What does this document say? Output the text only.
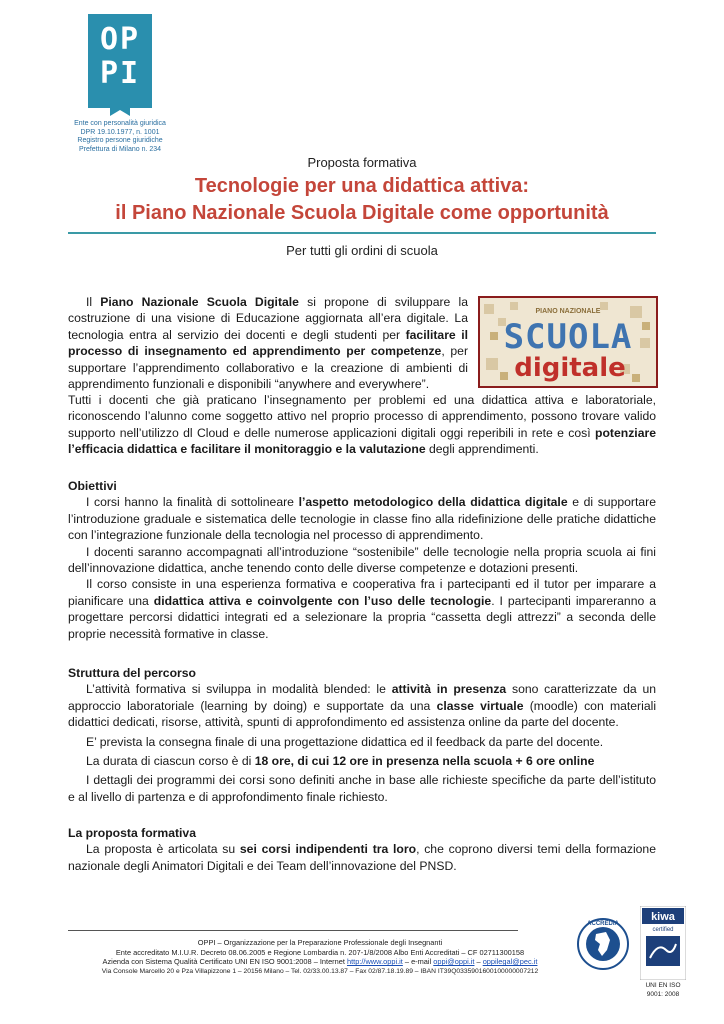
OP
PI
Ente con personalità giuridica
DPR 19.10.1977, n. 1001
Registro persone giuridiche
Prefettura di Milano n. 234
Proposta formativa
Tecnologie per una didattica attiva:
il Piano Nazionale Scuola Digitale come opportunità
Per tutti gli ordini di scuola
PIANO NAZIONALE
SCUOLA
digitale

Il Piano Nazionale Scuola Digitale si propone di sviluppare la costruzione di una visione di Educazione aggiornata all’era digitale. La tecnologia entra al servizio dei docenti e degli studenti per facilitare il processo di insegnamento ed apprendimento per competenze, per supportare l’apprendimento collaborativo e la creazione di ambienti di apprendimento funzionali e disponibili “anywhere and everywhere”.

Tutti i docenti che già praticano l’insegnamento per problemi ed una didattica attiva e laboratoriale, riconoscendo l’alunno come soggetto attivo nel proprio processo di apprendimento, possono trovare valido supporto nell’utilizzo dl Cloud e delle numerose applicazioni digitali oggi reperibili in rete e così potenziare l’efficacia didattica e facilitare il monitoraggio e la valutazione degli apprendimenti.

Obiettivi

I corsi hanno la finalità di sottolineare l’aspetto metodologico della didattica digitale e di supportare l’introduzione graduale e sistematica delle tecnologie in classe fino alla ridefinizione delle pratiche didattiche con l’integrazione funzionale della tecnologia nel processo di apprendimento.

I docenti saranno accompagnati all’introduzione “sostenibile” delle tecnologie nella propria scuola ai fini dell’innovazione didattica, anche tenendo conto delle diverse competenze e dotazioni presenti.

Il corso consiste in una esperienza formativa e cooperativa fra i partecipanti ed il tutor per imparare a pianificare una didattica attiva e coinvolgente con l’uso delle tecnologie. I partecipanti impareranno a progettare percorsi didattici integrati ed a selezionare la propria “cassetta degli attrezzi” a seconda delle proprie necessità formative in classe.

Struttura del percorso

L’attività formativa si sviluppa in modalità blended: le attività in presenza sono caratterizzate da un approccio laboratoriale (learning by doing) e supportate da una classe virtuale (moodle) con materiali didattici dedicati, risorse, attività, spunti di approfondimento ed assistenza online da parte del docente.

E’ prevista la consegna finale di una progettazione didattica ed il feedback da parte del docente.

La durata di ciascun corso è di 18 ore, di cui 12 ore in presenza nella scuola + 6 ore online

I dettagli dei programmi dei corsi sono definiti anche in base alle richieste specifiche da parte dell’istituto e al livello di partenza e di approfondimento finale richiesto.

La proposta formativa

La proposta è articolata su sei corsi indipendenti tra loro, che coprono diversi temi della formazione nazionale degli Animatori Digitali e dei Team dell’innovazione del PNSD.

OPPI – Organizzazione per la Preparazione Professionale degli Insegnanti
Ente accreditato M.I.U.R. Decreto 08.06.2005 e Regione Lombardia n. 207-1/8/2008 Albo Enti Accreditati – CF 02711300158
Azienda con Sistema Qualità Certificato UNI EN ISO 9001:2008 – Internet http://www.oppi.it – e-mail oppi@oppi.it – oppilegal@pec.it
Via Console Marcello 20 e Pza Villapizzone 1 – 20156 Milano – Tel. 02/33.00.13.87 – Fax 02/87.18.19.89 – IBAN IT39Q0335901600100000007212
ACCREDIA
kiwa
certified
UNI EN ISO
9001: 2008
